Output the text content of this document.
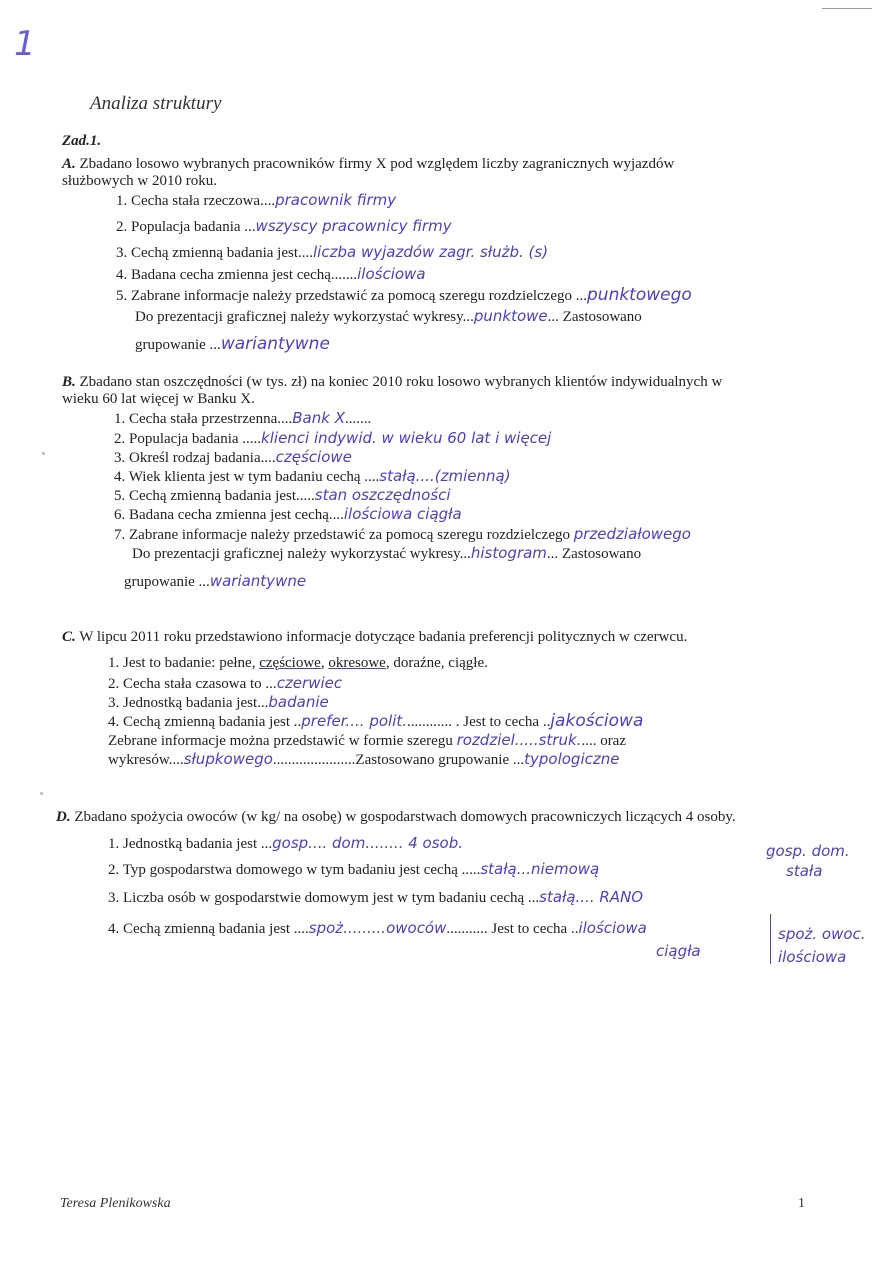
1
Analiza struktury
Zad.1.
A. Zbadano losowo wybranych pracowników firmy X pod względem liczby zagranicznych wyjazdów
służbowych w 2010 roku.
1. Cecha stała rzeczowa....pracownik firmy
2. Populacja badania ...wszyscy pracownicy firmy
3. Cechą zmienną badania jest....liczba wyjazdów zagr. służb. (s)
4. Badana cecha zmienna jest cechą.......ilościowa
5. Zabrane informacje należy przedstawić za pomocą szeregu rozdzielczego ...punktowego
Do prezentacji graficznej należy wykorzystać wykresy...punktowe... Zastosowano
grupowanie ...wariantywne
B. Zbadano stan oszczędności (w tys. zł) na koniec 2010 roku losowo wybranych klientów indywidualnych w
wieku 60 lat więcej w Banku X.
1. Cecha stała przestrzenna....Bank X.......
2. Populacja badania .....klienci indywid. w wieku 60 lat i więcej
3. Określ rodzaj badania....częściowe
4. Wiek klienta jest w tym badaniu cechą ....stałą....(zmienną)
5. Cechą zmienną badania jest.....stan oszczędności
6. Badana cecha zmienna jest cechą....ilościowa ciągła
7. Zabrane informacje należy przedstawić za pomocą szeregu rozdzielczego przedziałowego
Do prezentacji graficznej należy wykorzystać wykresy...histogram... Zastosowano
grupowanie ...wariantywne
C. W lipcu 2011 roku przedstawiono informacje dotyczące badania preferencji politycznych w czerwcu.
1. Jest to badanie: pełne, częściowe, okresowe, doraźne, ciągłe.
2. Cecha stała czasowa to ...czerwiec
3. Jednostką badania jest...badanie
4. Cechą zmienną badania jest ..prefer.... polit............. . Jest to cecha ..jakościowa
Zebrane informacje można przedstawić w formie szeregu rozdziel.....struk..... oraz
wykresów....słupkowego......................Zastosowano grupowanie ...typologiczne
D. Zbadano spożycia owoców (w kg/ na osobę) w gospodarstwach domowych pracowniczych liczących 4 osoby.
1. Jednostką badania jest ...gosp.... dom........ 4 osob.
2. Typ gospodarstwa domowego w tym badaniu jest cechą .....stałą...niemową
3. Liczba osób w gospodarstwie domowym jest w tym badaniu cechą ...stałą.... RANO
4. Cechą zmienną badania jest ....spoż.........owoców........... Jest to cecha ..ilościowa
ciągła
gosp. dom.
stała
spoż. owoc.
ilościowa
Teresa Plenikowska	1
